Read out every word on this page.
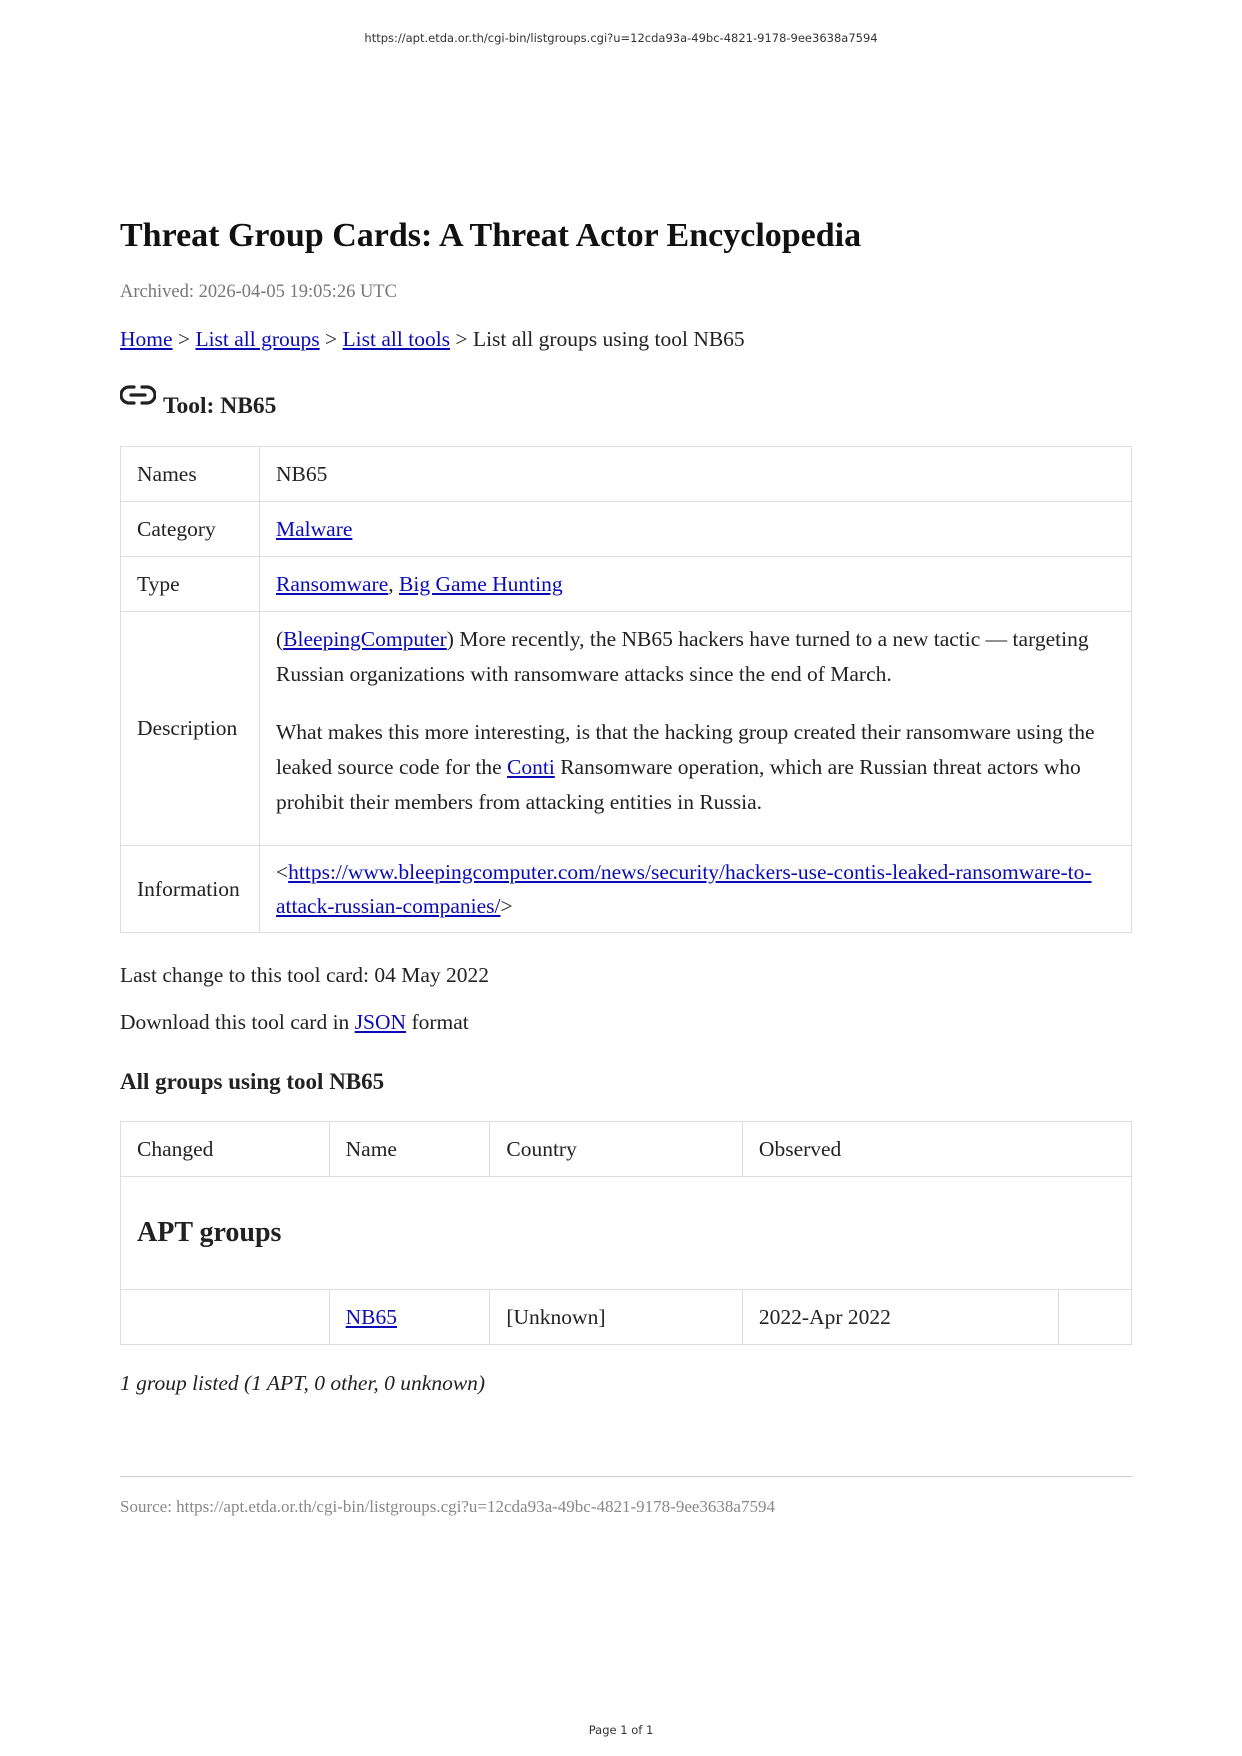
https://apt.etda.or.th/cgi-bin/listgroups.cgi?u=12cda93a-49bc-4821-9178-9ee3638a7594
Threat Group Cards: A Threat Actor Encyclopedia
Archived: 2026-04-05 19:05:26 UTC
Home > List all groups > List all tools > List all groups using tool NB65
Tool: NB65
Names	NB65
Category	Malware
Type	Ransomware, Big Game Hunting
Description	(BleepingComputer) More recently, the NB65 hackers have turned to a new tactic — targeting Russian organizations with ransomware attacks since the end of March.

What makes this more interesting, is that the hacking group created their ransomware using the leaked source code for the Conti Ransomware operation, which are Russian threat actors who prohibit their members from attacking entities in Russia.

Information	<https://www.bleepingcomputer.com/news/security/hackers-use-contis-leaked-ransomware-to-attack-russian-companies/>
Last change to this tool card: 04 May 2022
Download this tool card in JSON format
All groups using tool NB65
Changed	Name	Country	Observed	
APT groups				
	NB65	[Unknown]	2022-Apr 2022	
1 group listed (1 APT, 0 other, 0 unknown)
Source: https://apt.etda.or.th/cgi-bin/listgroups.cgi?u=12cda93a-49bc-4821-9178-9ee3638a7594
Page 1 of 1
